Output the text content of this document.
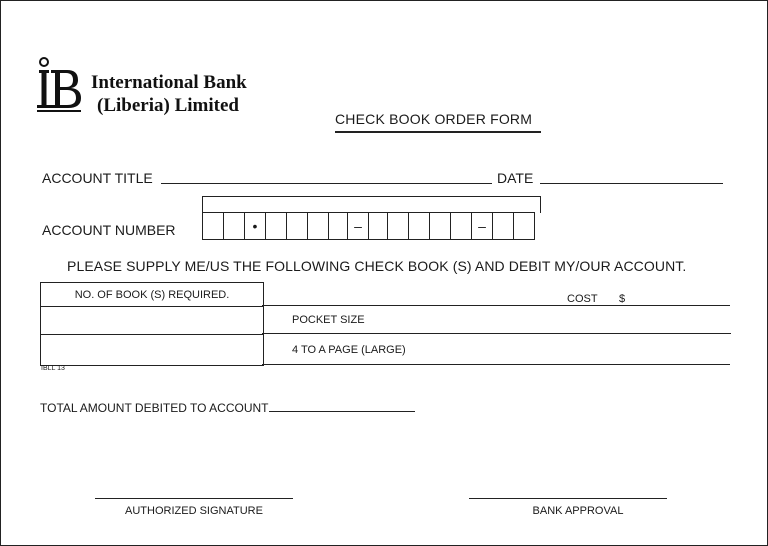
International Bank
(Liberia) Limited
CHECK BOOK ORDER FORM
ACCOUNT TITLE	DATE
ACCOUNT NUMBER	•	–	–
PLEASE SUPPLY ME/US THE FOLLOWING CHECK BOOK (S) AND DEBIT MY/OUR ACCOUNT.
NO. OF BOOK (S) REQUIRED.	COST $
POCKET SIZE
4 TO A PAGE (LARGE)
IBLL 13
TOTAL AMOUNT DEBITED TO ACCOUNT
AUTHORIZED SIGNATURE	BANK APPROVAL
